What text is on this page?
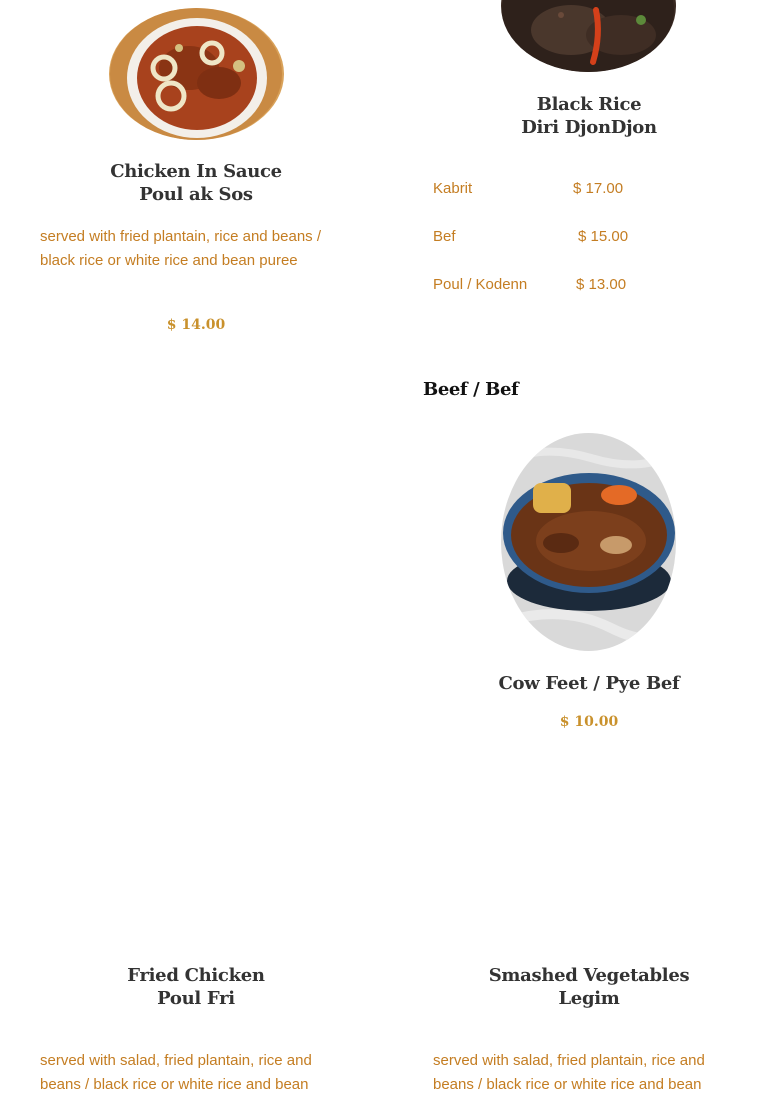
Chicken In Sauce
Poul ak Sos
served with fried plantain, rice and beans / black rice or white rice and bean puree
$ 14.00
Black Rice
Diri DjonDjon
Kabrit	$ 17.00
Bef	$ 15.00
Poul / Kodenn	$ 13.00
Beef / Bef
Cow Feet / Pye Bef
$ 10.00
Fried Chicken
Poul Fri
served with salad, fried plantain, rice and beans / black rice or white rice and bean
Smashed Vegetables
Legim
served with salad, fried plantain, rice and beans / black rice or white rice and bean
